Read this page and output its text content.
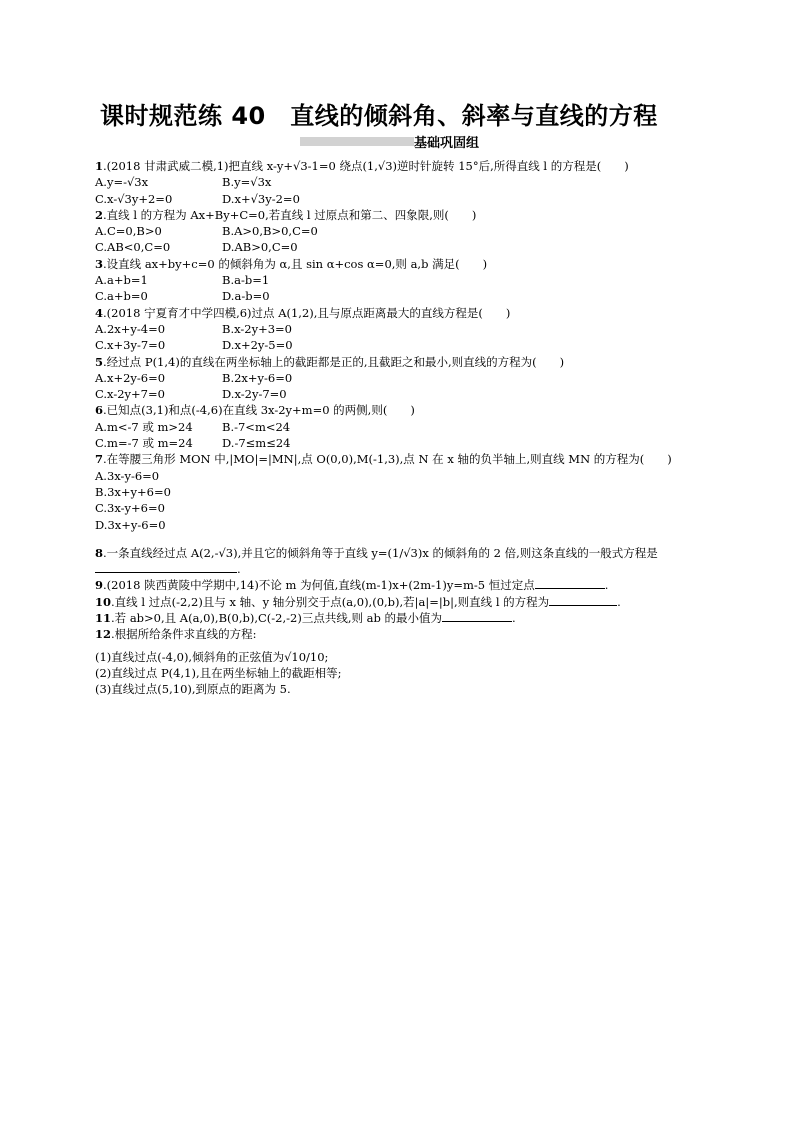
课时规范练 40　直线的倾斜角、斜率与直线的方程
基础巩固组
1.(2018 甘肃武威二模,1)把直线 x-y+√3-1=0 绕点(1,√3)逆时针旋转 15°后,所得直线 l 的方程是(　　)
A.y=-√3x	B.y=√3x
C.x-√3y+2=0	D.x+√3y-2=0
2.直线 l 的方程为 Ax+By+C=0,若直线 l 过原点和第二、四象限,则(　　)
A.C=0,B>0	B.A>0,B>0,C=0
C.AB<0,C=0	D.AB>0,C=0
3.设直线 ax+by+c=0 的倾斜角为 α,且 sin α+cos α=0,则 a,b 满足(　　)
A.a+b=1	B.a-b=1
C.a+b=0	D.a-b=0
4.(2018 宁夏育才中学四模,6)过点 A(1,2),且与原点距离最大的直线方程是(　　)
A.2x+y-4=0	B.x-2y+3=0
C.x+3y-7=0	D.x+2y-5=0
5.经过点 P(1,4)的直线在两坐标轴上的截距都是正的,且截距之和最小,则直线的方程为(　　)
A.x+2y-6=0	B.2x+y-6=0
C.x-2y+7=0	D.x-2y-7=0
6.已知点(3,1)和点(-4,6)在直线 3x-2y+m=0 的两侧,则(　　)
A.m<-7 或 m>24	B.-7<m<24
C.m=-7 或 m=24	D.-7≤m≤24
7.在等腰三角形 MON 中,|MO|=|MN|,点 O(0,0),M(-1,3),点 N 在 x 轴的负半轴上,则直线 MN 的方程为(　　)
A.3x-y-6=0
B.3x+y+6=0
C.3x-y+6=0
D.3x+y-6=0
8.一条直线经过点 A(2,-√3),并且它的倾斜角等于直线 y=(1/√3)x 的倾斜角的 2 倍,则这条直线的一般式方程是.
9.(2018 陕西黄陵中学期中,14)不论 m 为何值,直线(m-1)x+(2m-1)y=m-5 恒过定点	.
10.直线 l 过点(-2,2)且与 x 轴、y 轴分别交于点(a,0),(0,b),若|a|=|b|,则直线 l 的方程为	.
11.若 ab>0,且 A(a,0),B(0,b),C(-2,-2)三点共线,则 ab 的最小值为	.
12.根据所给条件求直线的方程:
(1)直线过点(-4,0),倾斜角的正弦值为√10/10;
(2)直线过点 P(4,1),且在两坐标轴上的截距相等;
(3)直线过点(5,10),到原点的距离为 5.
